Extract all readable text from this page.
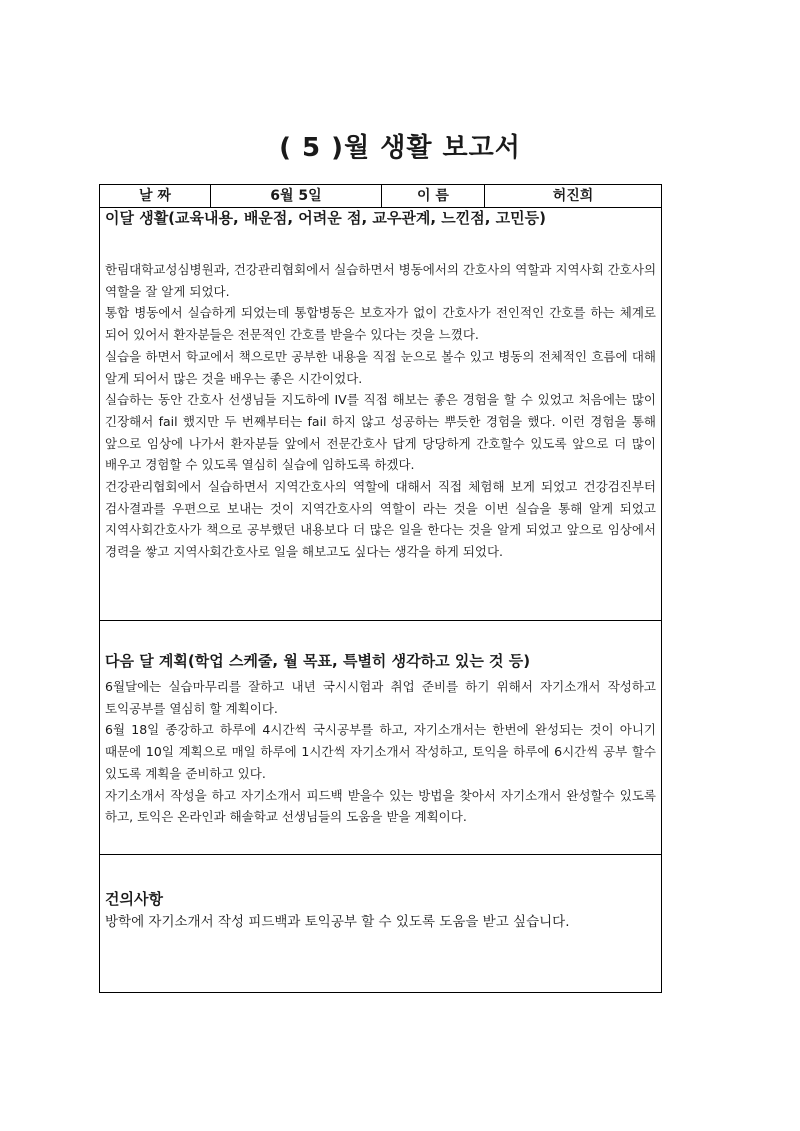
( 5 )월 생활 보고서
날 짜	6월 5일	이 름	허진희
이달 생활(교육내용, 배운점, 어려운 점, 교우관계, 느낀점, 고민등)

한림대학교성심병원과, 건강관리협회에서 실습하면서 병동에서의 간호사의 역할과 지역사회 간호사의 역할을 잘 알게 되었다.

통합 병동에서 실습하게 되었는데 통합병동은 보호자가 없이 간호사가 전인적인 간호를 하는 체계로 되어 있어서 환자분들은 전문적인 간호를 받을수 있다는 것을 느꼈다.

실습을 하면서 학교에서 책으로만 공부한 내용을 직접 눈으로 볼수 있고 병동의 전체적인 흐름에 대해 알게 되어서 많은 것을 배우는 좋은 시간이었다.

실습하는 동안 간호사 선생님들 지도하에 IV를 직접 해보는 좋은 경험을 할 수 있었고 처음에는 많이 긴장해서 fail 했지만 두 번째부터는 fail 하지 않고 성공하는 뿌듯한 경험을 했다. 이런 경험을 통해 앞으로 임상에 나가서 환자분들 앞에서 전문간호사 답게 당당하게 간호할수 있도록 앞으로 더 많이 배우고 경험할 수 있도록 열심히 실습에 임하도록 하겠다.

건강관리협회에서 실습하면서 지역간호사의 역할에 대해서 직접 체험해 보게 되었고 건강검진부터 검사결과를 우편으로 보내는 것이 지역간호사의 역할이 라는 것을 이번 실습을 통해 알게 되었고 지역사회간호사가 책으로 공부했던 내용보다 더 많은 일을 한다는 것을 알게 되었고 앞으로 임상에서 경력을 쌓고 지역사회간호사로 일을 해보고도 싶다는 생각을 하게 되었다.

다음 달 계획(학업 스케줄, 월 목표, 특별히 생각하고 있는 것 등)

6월달에는 실습마무리를 잘하고 내년 국시시험과 취업 준비를 하기 위해서 자기소개서 작성하고 토익공부를 열심히 할 계획이다.

6월 18일 종강하고 하루에 4시간씩 국시공부를 하고, 자기소개서는 한번에 완성되는 것이 아니기 때문에 10일 계획으로 매일 하루에 1시간씩 자기소개서 작성하고, 토익을 하루에 6시간씩 공부 할수 있도록 계획을 준비하고 있다.

자기소개서 작성을 하고 자기소개서 피드백 받을수 있는 방법을 찾아서 자기소개서 완성할수 있도록 하고, 토익은 온라인과 해솔학교 선생님들의 도움을 받을 계획이다.

건의사항

방학에 자기소개서 작성 피드백과 토익공부 할 수 있도록 도움을 받고 싶습니다.
